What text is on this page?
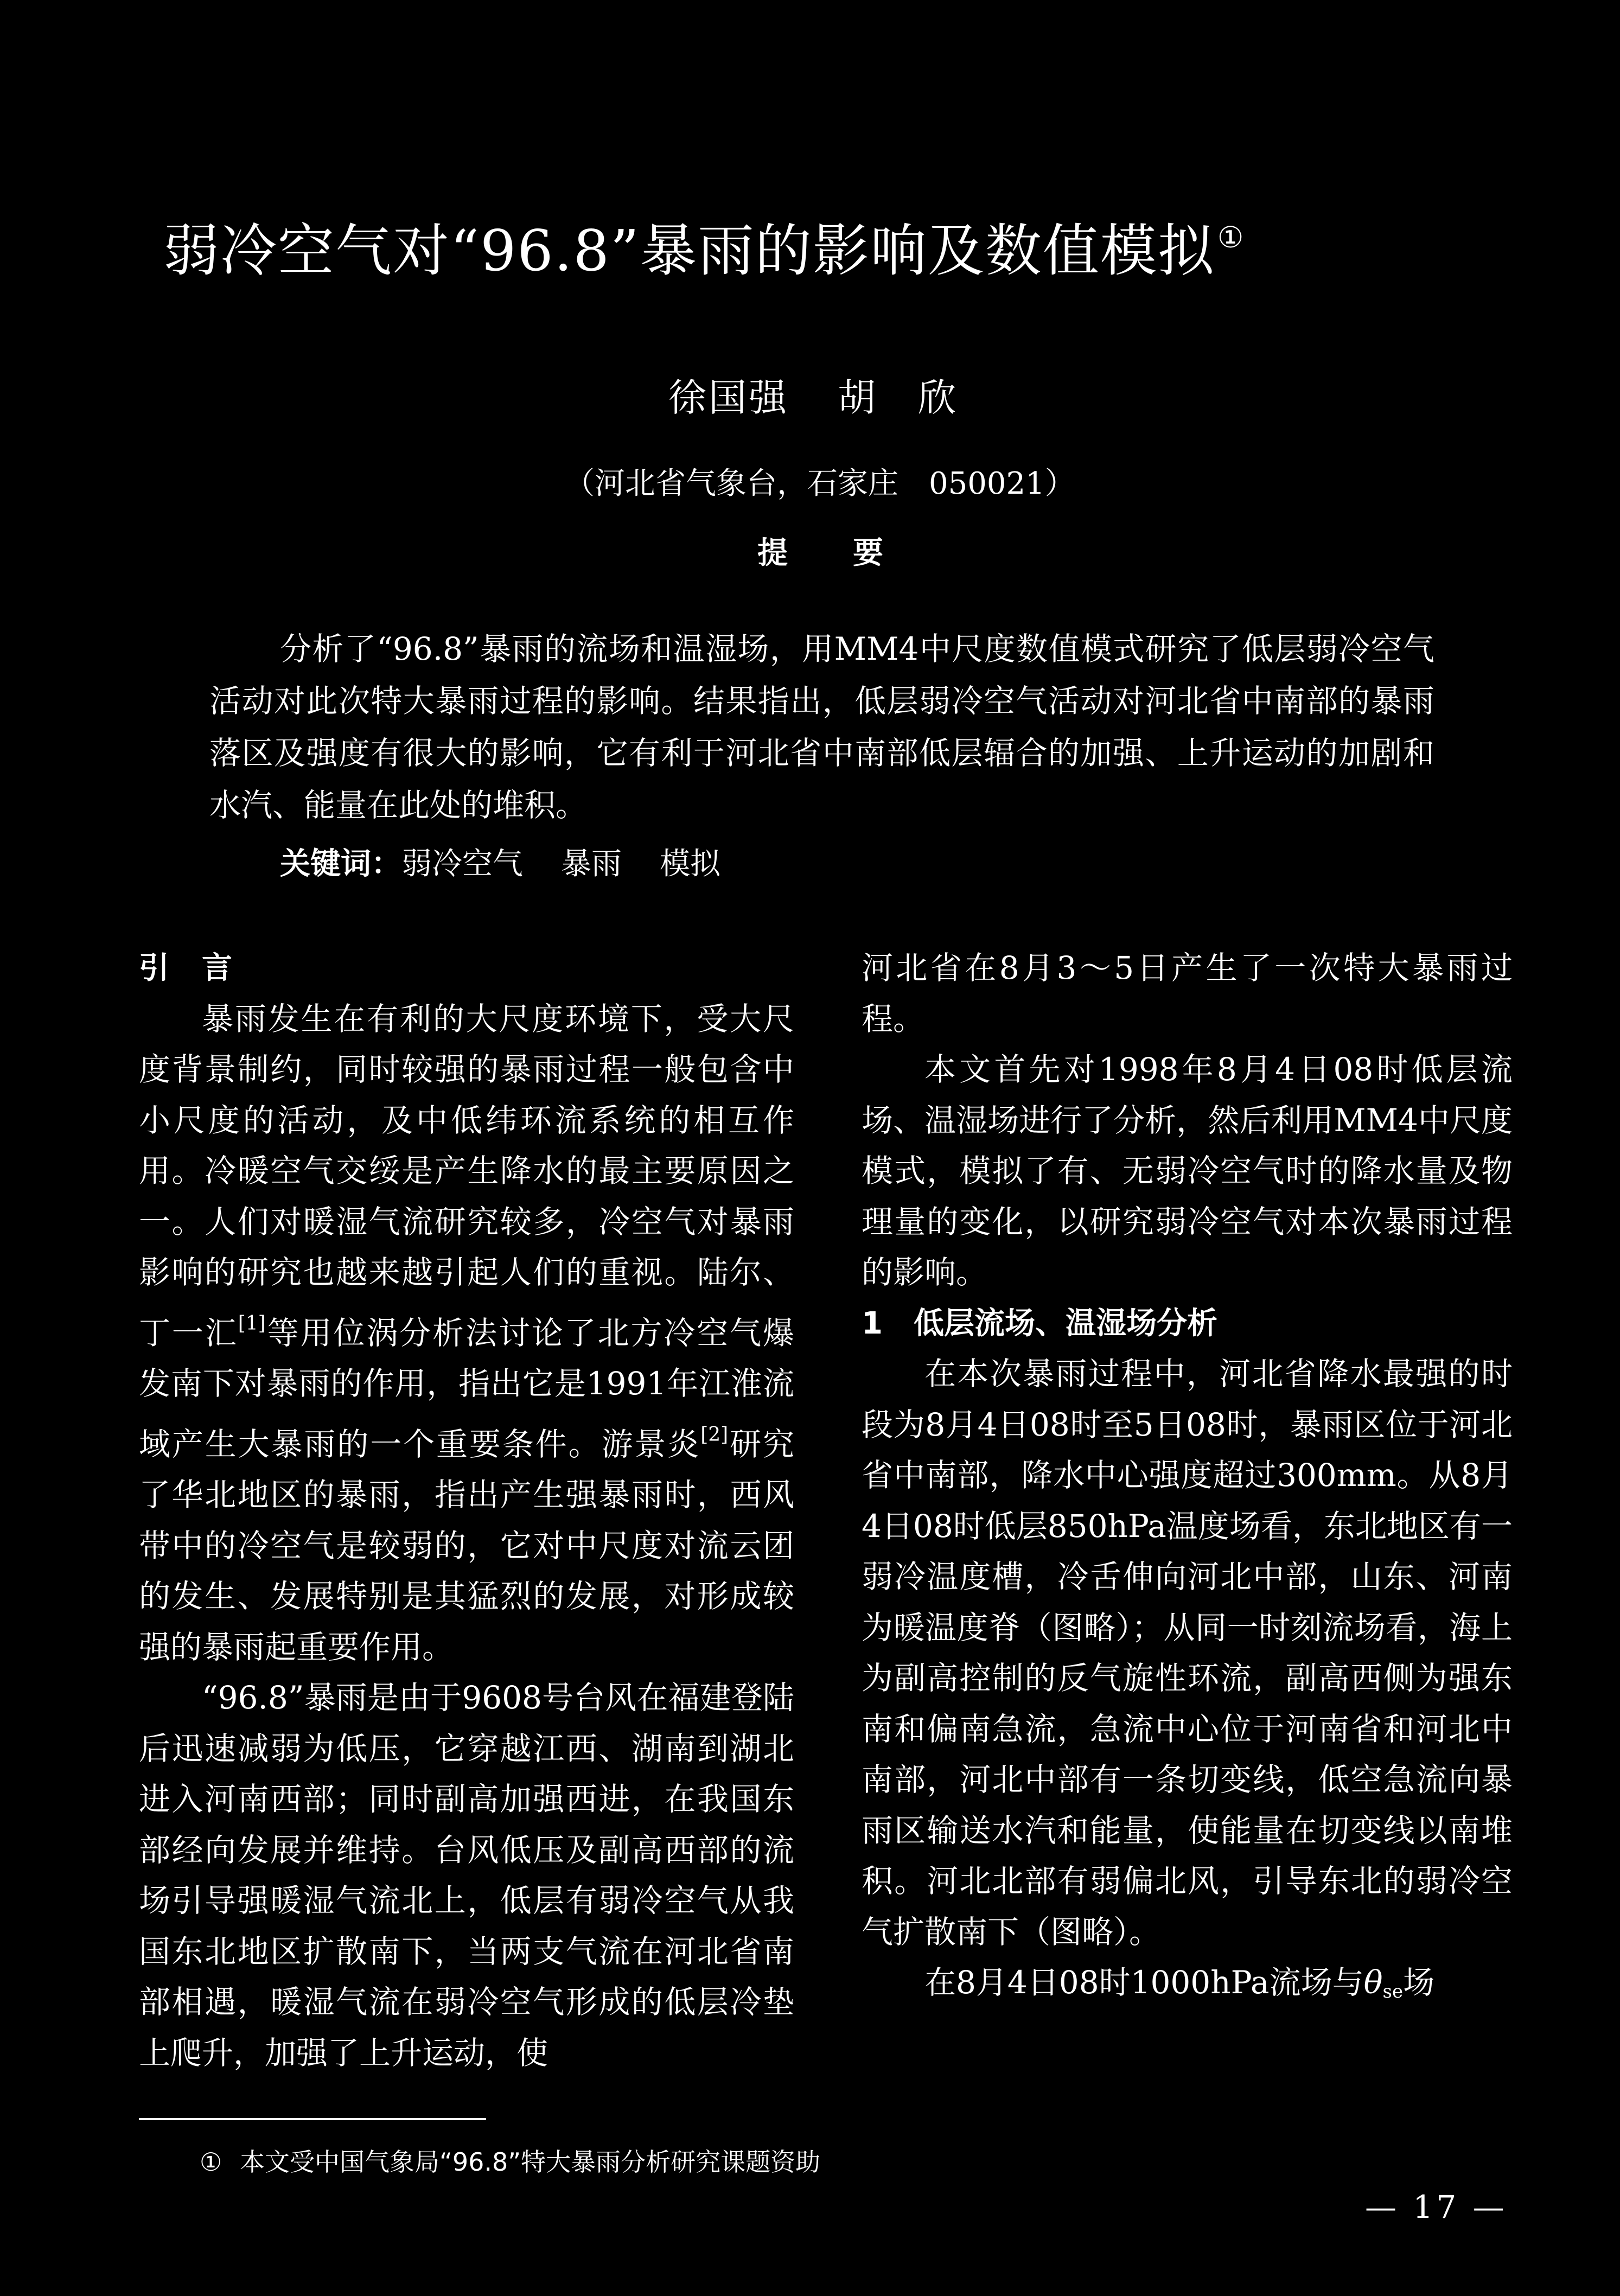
弱冷空气对“96.8”暴雨的影响及数值模拟①
徐国强 胡　欣
（河北省气象台，石家庄　050021）
提要

分析了“96.8”暴雨的流场和温湿场，用MM4中尺度数值模式研究了低层弱冷空气活动对此次特大暴雨过程的影响。结果指出，低层弱冷空气活动对河北省中南部的暴雨落区及强度有很大的影响，它有利于河北省中南部低层辐合的加强、上升运动的加剧和水汽、能量在此处的堆积。

关键词：弱冷空气 暴雨 模拟
引言

暴雨发生在有利的大尺度环境下，受大尺度背景制约，同时较强的暴雨过程一般包含中小尺度的活动，及中低纬环流系统的相互作用。冷暖空气交绥是产生降水的最主要原因之一。人们对暖湿气流研究较多，冷空气对暴雨影响的研究也越来越引起人们的重视。陆尔、丁一汇[1]等用位涡分析法讨论了北方冷空气爆发南下对暴雨的作用，指出它是1991年江淮流域产生大暴雨的一个重要条件。游景炎[2]研究了华北地区的暴雨，指出产生强暴雨时，西风带中的冷空气是较弱的，它对中尺度对流云团的发生、发展特别是其猛烈的发展，对形成较强的暴雨起重要作用。

“96.8”暴雨是由于9608号台风在福建登陆后迅速减弱为低压，它穿越江西、湖南到湖北进入河南西部；同时副高加强西进，在我国东部经向发展并维持。台风低压及副高西部的流场引导强暖湿气流北上，低层有弱冷空气从我国东北地区扩散南下，当两支气流在河北省南部相遇，暖湿气流在弱冷空气形成的低层冷垫上爬升，加强了上升运动，使

河北省在8月3～5日产生了一次特大暴雨过程。

本文首先对1998年8月4日08时低层流场、温湿场进行了分析，然后利用MM4中尺度模式，模拟了有、无弱冷空气时的降水量及物理量的变化，以研究弱冷空气对本次暴雨过程的影响。

1 低层流场、温湿场分析

在本次暴雨过程中，河北省降水最强的时段为8月4日08时至5日08时，暴雨区位于河北省中南部，降水中心强度超过300mm。从8月4日08时低层850hPa温度场看，东北地区有一弱冷温度槽，冷舌伸向河北中部，山东、河南为暖温度脊（图略）；从同一时刻流场看，海上为副高控制的反气旋性环流，副高西侧为强东南和偏南急流，急流中心位于河南省和河北中南部，河北中部有一条切变线，低空急流向暴雨区输送水汽和能量，使能量在切变线以南堆积。河北北部有弱偏北风，引导东北的弱冷空气扩散南下（图略）。

在8月4日08时1000hPa流场与$\theta_{se}$场

① 本文受中国气象局“96.8”特大暴雨分析研究课题资助
— 17 —
